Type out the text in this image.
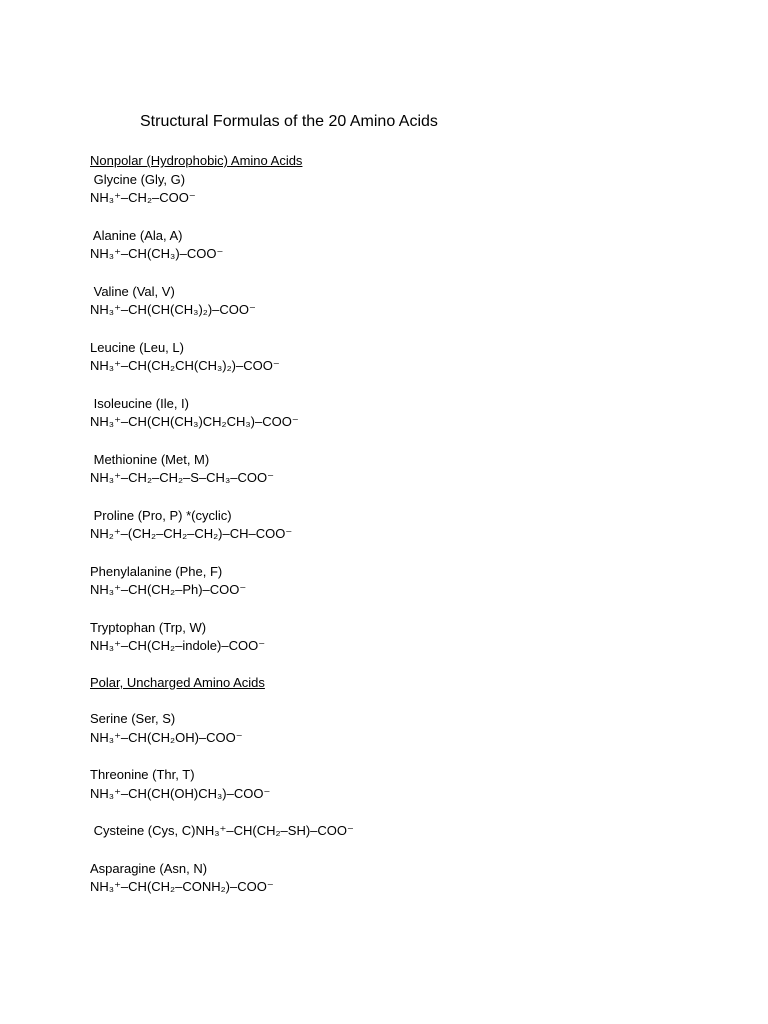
Structural Formulas of the 20 Amino Acids
Nonpolar (Hydrophobic) Amino Acids
Glycine (Gly, G)
NH₃⁺–CH₂–COO⁻
Alanine (Ala, A)
NH₃⁺–CH(CH₃)–COO⁻
Valine (Val, V)
NH₃⁺–CH(CH(CH₃)₂)–COO⁻
Leucine (Leu, L)
NH₃⁺–CH(CH₂CH(CH₃)₂)–COO⁻
Isoleucine (Ile, I)
NH₃⁺–CH(CH(CH₃)CH₂CH₃)–COO⁻
Methionine (Met, M)
NH₃⁺–CH₂–CH₂–S–CH₃–COO⁻
Proline (Pro, P) *(cyclic)
NH₂⁺–(CH₂–CH₂–CH₂)–CH–COO⁻
Phenylalanine (Phe, F)
NH₃⁺–CH(CH₂–Ph)–COO⁻
Tryptophan (Trp, W)
NH₃⁺–CH(CH₂–indole)–COO⁻
Polar, Uncharged Amino Acids
Serine (Ser, S)
NH₃⁺–CH(CH₂OH)–COO⁻
Threonine (Thr, T)
NH₃⁺–CH(CH(OH)CH₃)–COO⁻
Cysteine (Cys, C)NH₃⁺–CH(CH₂–SH)–COO⁻
Asparagine (Asn, N)
NH₃⁺–CH(CH₂–CONH₂)–COO⁻
